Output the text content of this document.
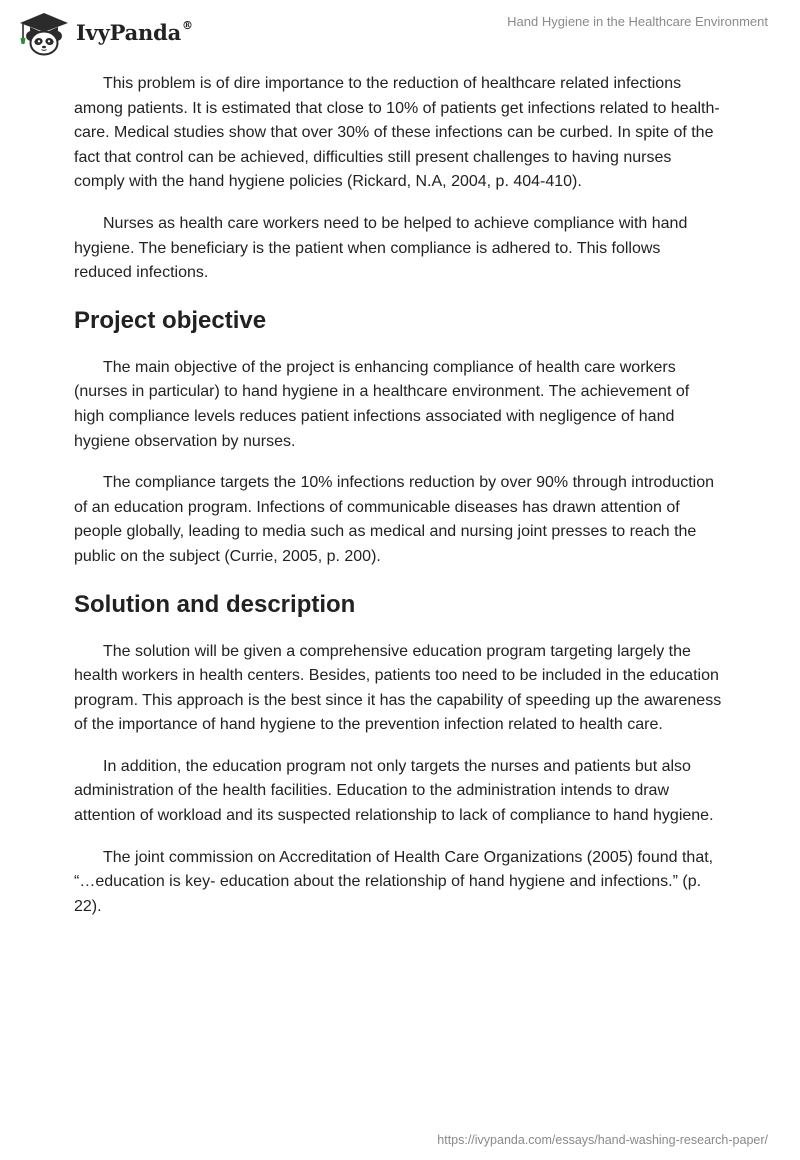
IvyPanda®	Hand Hygiene in the Healthcare Environment

This problem is of dire importance to the reduction of healthcare related infections among patients. It is estimated that close to 10% of patients get infections related to health-care. Medical studies show that over 30% of these infections can be curbed. In spite of the fact that control can be achieved, difficulties still present challenges to having nurses comply with the hand hygiene policies (Rickard, N.A, 2004, p. 404-410).

Nurses as health care workers need to be helped to achieve compliance with hand hygiene. The beneficiary is the patient when compliance is adhered to. This follows reduced infections.

Project objective

The main objective of the project is enhancing compliance of health care workers (nurses in particular) to hand hygiene in a healthcare environment. The achievement of high compliance levels reduces patient infections associated with negligence of hand hygiene observation by nurses.

The compliance targets the 10% infections reduction by over 90% through introduction of an education program. Infections of communicable diseases has drawn attention of people globally, leading to media such as medical and nursing joint presses to reach the public on the subject (Currie, 2005, p. 200).

Solution and description

The solution will be given a comprehensive education program targeting largely the health workers in health centers. Besides, patients too need to be included in the education program. This approach is the best since it has the capability of speeding up the awareness of the importance of hand hygiene to the prevention infection related to health care.

In addition, the education program not only targets the nurses and patients but also administration of the health facilities. Education to the administration intends to draw attention of workload and its suspected relationship to lack of compliance to hand hygiene.

The joint commission on Accreditation of Health Care Organizations (2005) found that, “…education is key- education about the relationship of hand hygiene and infections.” (p. 22).

https://ivypanda.com/essays/hand-washing-research-paper/
